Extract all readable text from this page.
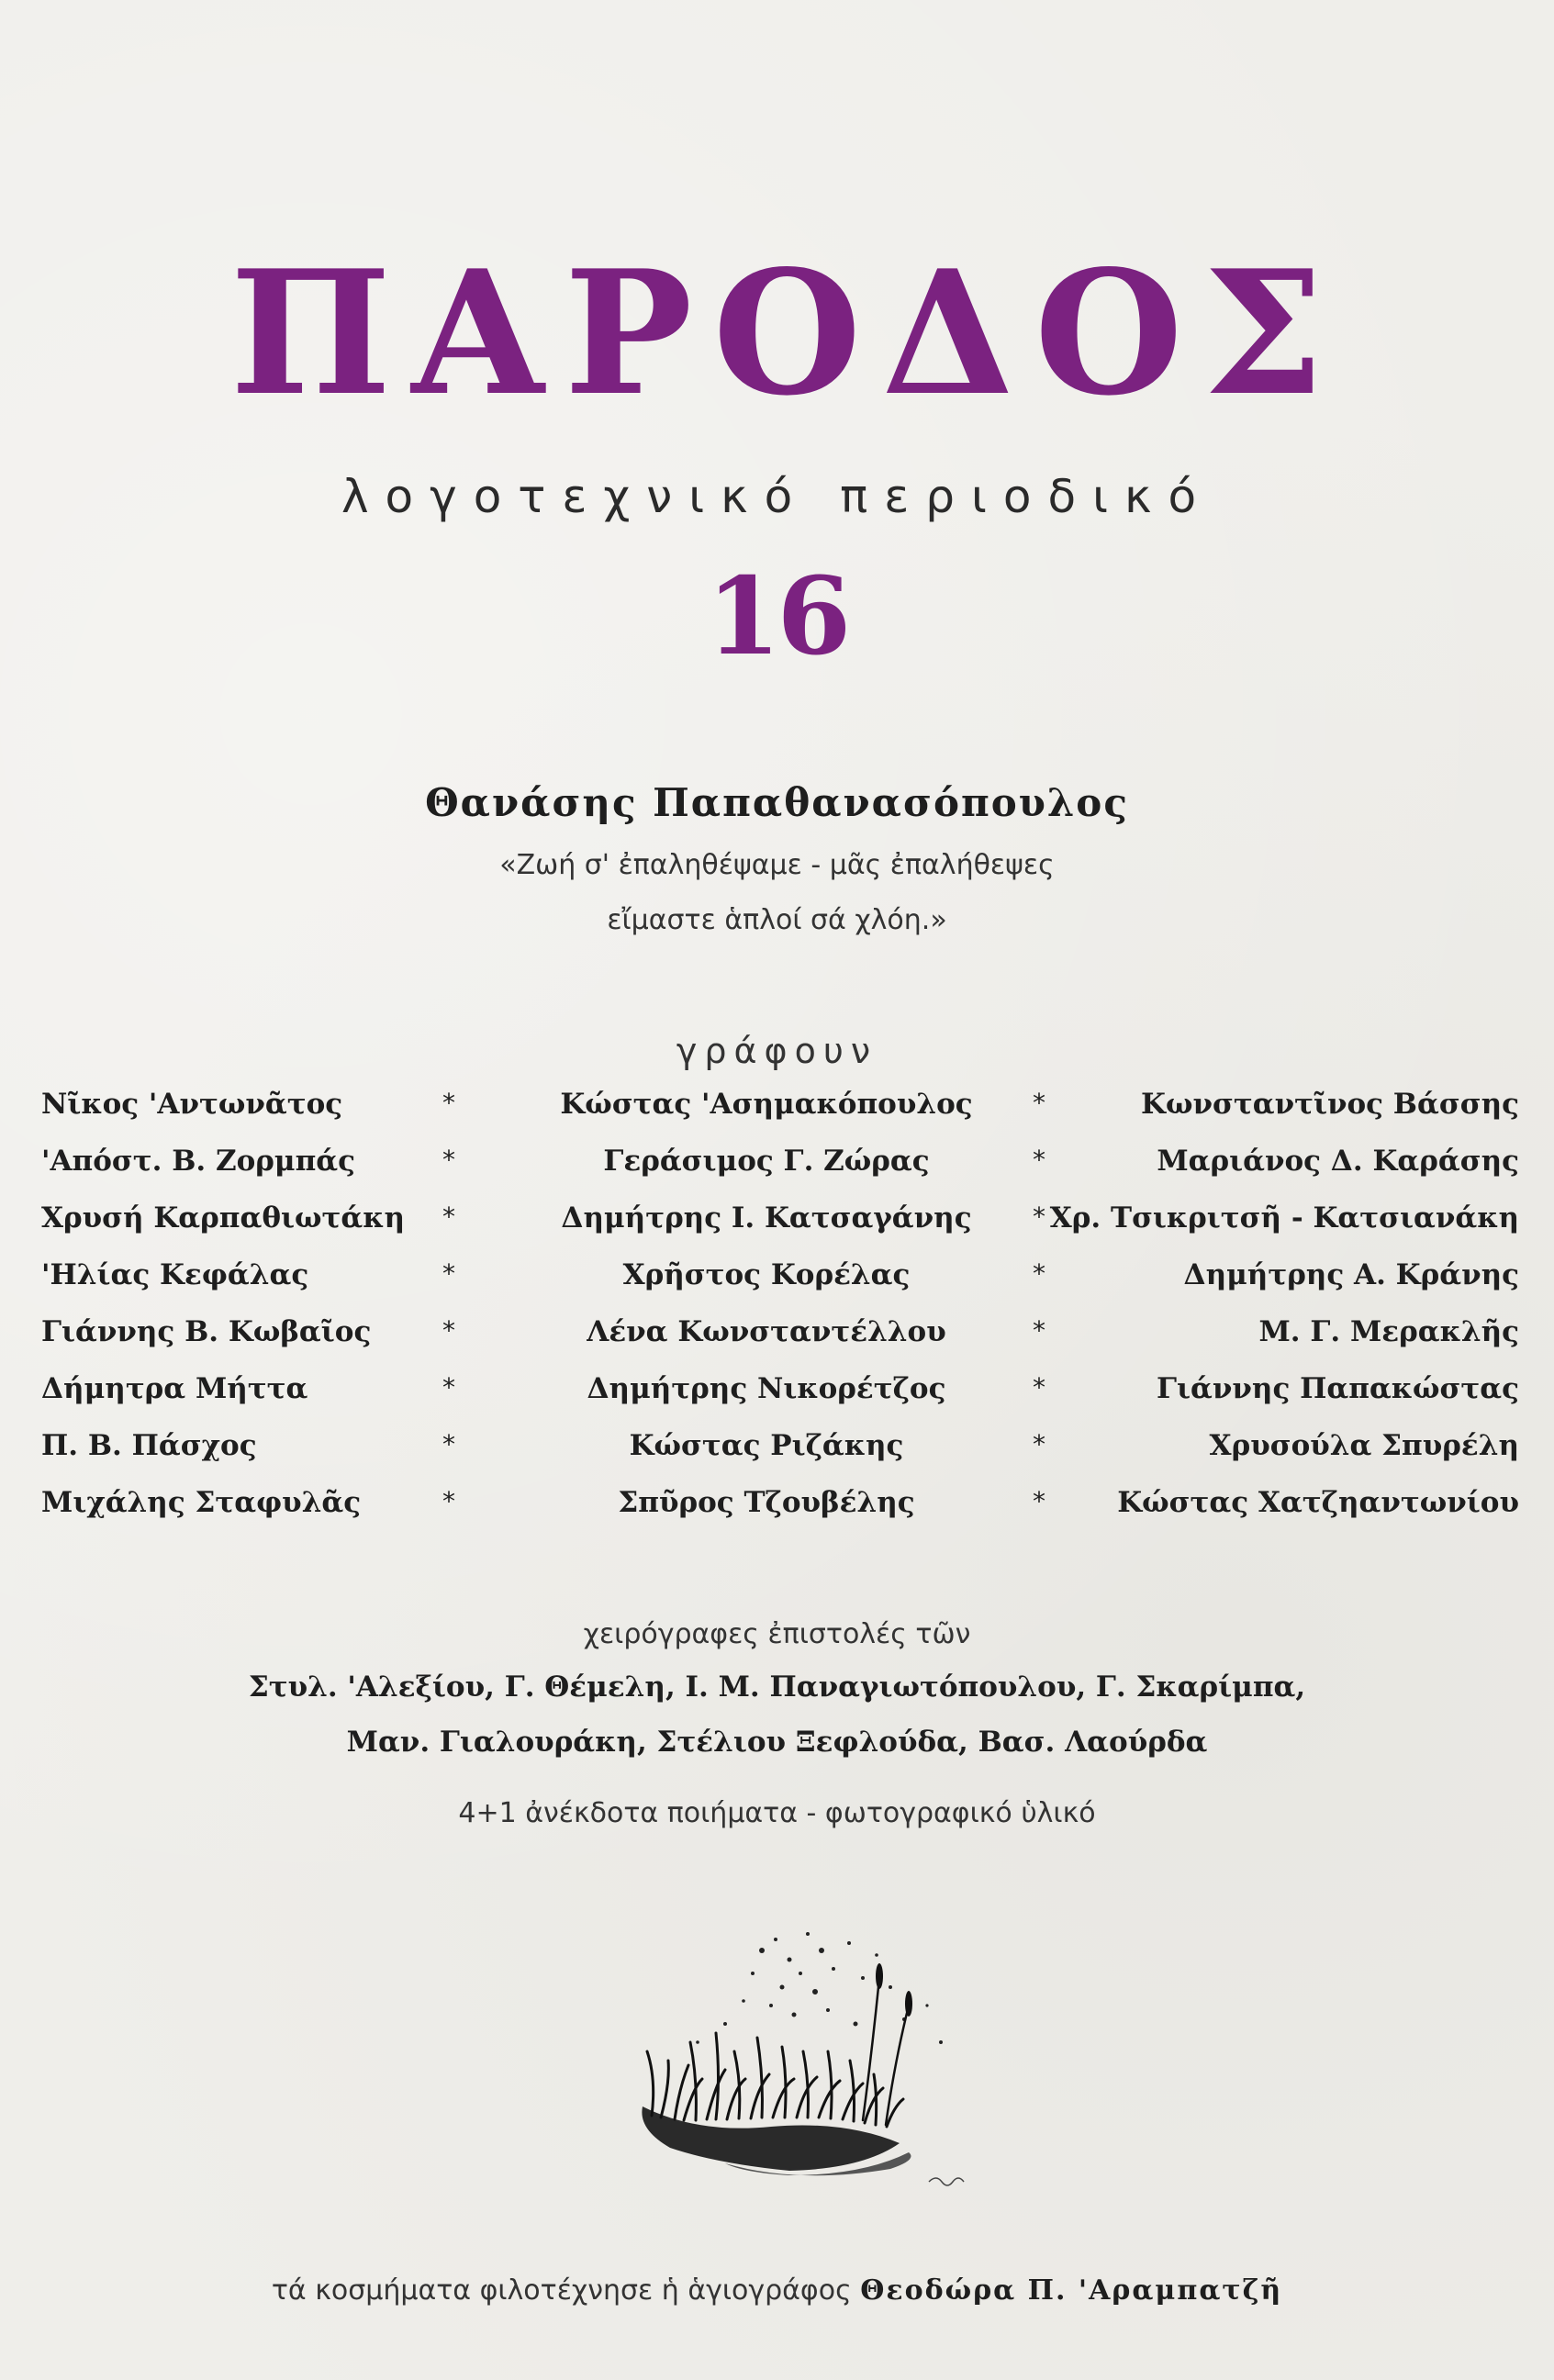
ΠΑΡΟΔΟΣ
λογοτεχνικό περιοδικό
16
Θανάσης Παπαθανασόπουλος
«Ζωή σ' ἐπαληθέψαμε - μᾶς ἐπαλήθεψες
εἴμαστε ἁπλοί σά χλόη.»
γράφουν
Νῖκος 'Αντωνᾶτος	*	Κώστας 'Ασημακόπουλος	*	Κωνσταντῖνος Βάσσης
'Απόστ. Β. Ζορμπάς	*	Γεράσιμος Γ. Ζώρας	*	Μαριάνος Δ. Καράσης
Χρυσή Καρπαθιωτάκη *	Δημήτρης Ι. Κατσαγάνης	* Χρ. Τσικριτσῆ - Κατσιανάκη
'Ηλίας Κεφάλας	*	Χρῆστος Κορέλας	*	Δημήτρης Α. Κράνης
Γιάννης Β. Κωβαῖος	*	Λένα Κωνσταντέλλου	*	Μ. Γ. Μερακλῆς
Δήμητρα Μήττα	*	Δημήτρης Νικορέτζος	*	Γιάννης Παπακώστας
Π. Β. Πάσχος	*	Κώστας Ριζάκης	*	Χρυσούλα Σπυρέλη
Μιχάλης Σταφυλᾶς	*	Σπῦρος Τζουβέλης	*	Κώστας Χατζηαντωνίου
χειρόγραφες ἐπιστολές τῶν
Στυλ. 'Αλεξίου, Γ. Θέμελη, Ι. Μ. Παναγιωτόπουλου, Γ. Σκαρίμπα,
Μαν. Γιαλουράκη, Στέλιου Ξεφλούδα, Βασ. Λαούρδα
4+1 ἀνέκδοτα ποιήματα - φωτογραφικό ὑλικό
τά κοσμήματα φιλοτέχνησε ἡ ἁγιογράφος Θεοδώρα Π. 'Αραμπατζῆ
